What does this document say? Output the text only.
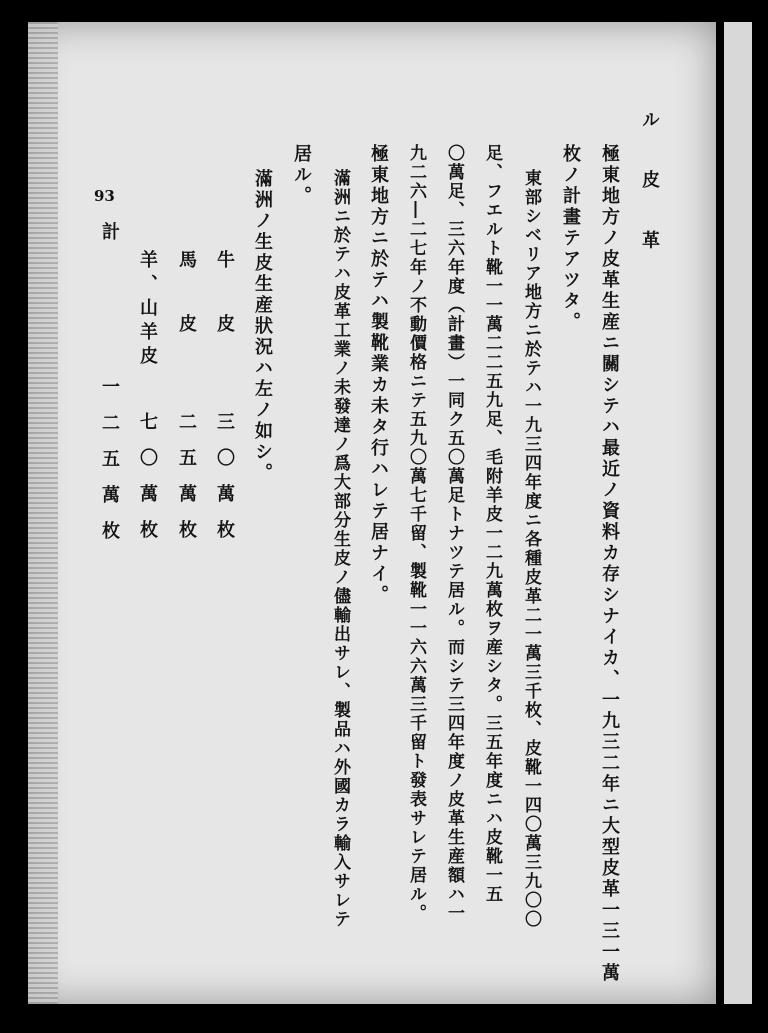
93	ル 皮 革
極東地方ノ皮革生産ニ關シテハ最近ノ資料カ存シナイカ、一九三二年ニ大型皮革一三一萬
枚ノ計畫テアツタ。
東部シベリア地方ニ於テハ一九三四年度ニ各種皮革二一萬三千枚、皮靴一四〇萬三九〇〇
足、フエルト靴一一萬二二五九足、毛附羊皮一二九萬枚ヲ産シタ。三五年度ニハ皮靴一五
〇萬足、三六年度（計畫）一同ク五〇萬足トナツテ居ル。而シテ三四年度ノ皮革生産額ハ一
九二六―二七年ノ不動價格ニテ五九〇萬七千留、製靴一一六六萬三千留ト發表サレテ居ル。
極東地方ニ於テハ製靴業カ未タ行ハレテ居ナイ。
滿洲ニ於テハ皮革工業ノ未發達ノ爲大部分生皮ノ儘輸出サレ、製品ハ外國カラ輸入サレテ
居ル。
滿洲ノ生皮生産狀況ハ左ノ如シ。
牛　皮
三〇萬枚
馬　皮
二五萬枚
羊、山羊皮
七〇萬枚
計
一二五萬枚
